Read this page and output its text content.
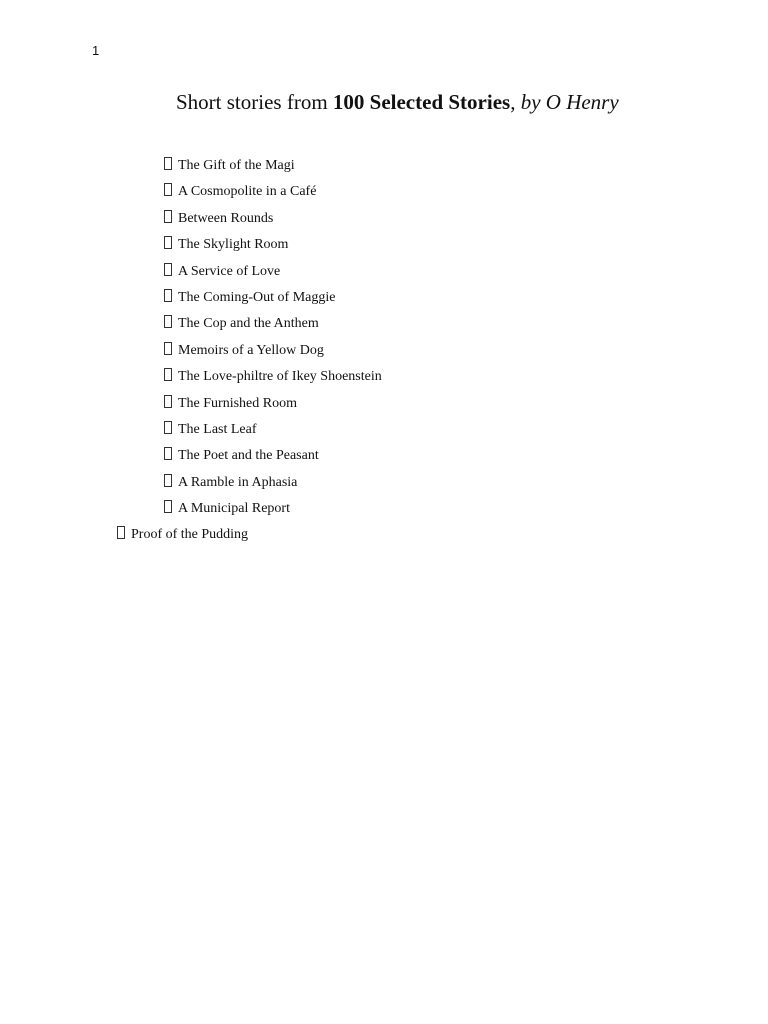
1
Short stories from 100 Selected Stories, by O Henry
The Gift of the Magi
A Cosmopolite in a Café
Between Rounds
The Skylight Room
A Service of Love
The Coming-Out of Maggie
The Cop and the Anthem
Memoirs of a Yellow Dog
The Love-philtre of Ikey Shoenstein
The Furnished Room
The Last Leaf
The Poet and the Peasant
A Ramble in Aphasia
A Municipal Report
Proof of the Pudding
